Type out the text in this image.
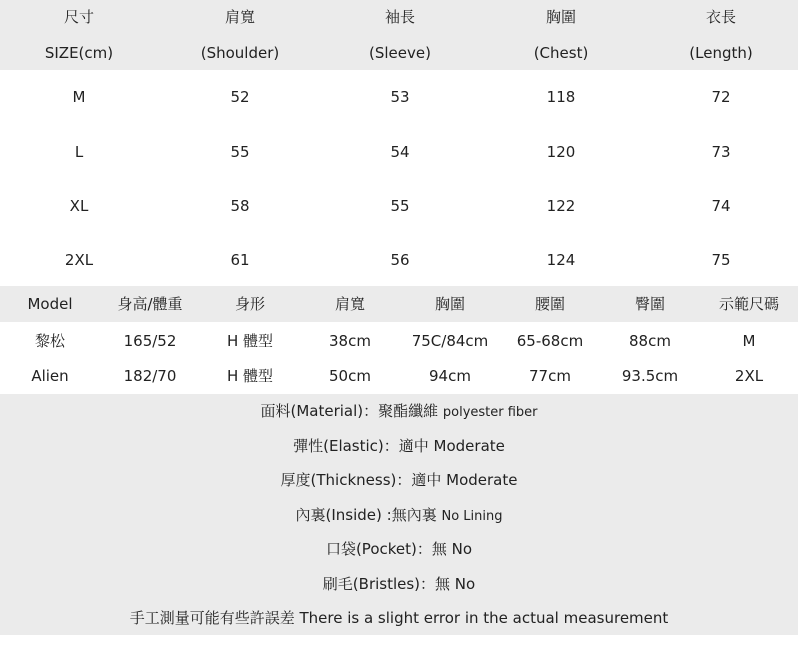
尺寸	肩寬	袖長	胸圍	衣長
SIZE(cm)	(Shoulder)	(Sleeve)	(Chest)	(Length)
M	52	53	118	72
L	55	54	120	73
XL	58	55	122	74
2XL	61	56	124	75
Model	身高/體重	身形	肩寬	胸圍	腰圍	臀圍	示範尺碼
黎松	165/52	H 體型	38cm	75C/84cm	65-68cm	88cm	M
Alien	182/70	H 體型	50cm	94cm	77cm	93.5cm	2XL
面料(Material)：聚酯纖維 polyester fiber
彈性(Elastic)：適中 Moderate
厚度(Thickness)：適中 Moderate
內裏(Inside) :無內裏 No Lining
口袋(Pocket)：無 No
刷毛(Bristles)：無 No
手工測量可能有些許誤差 There is a slight error in the actual measurement
